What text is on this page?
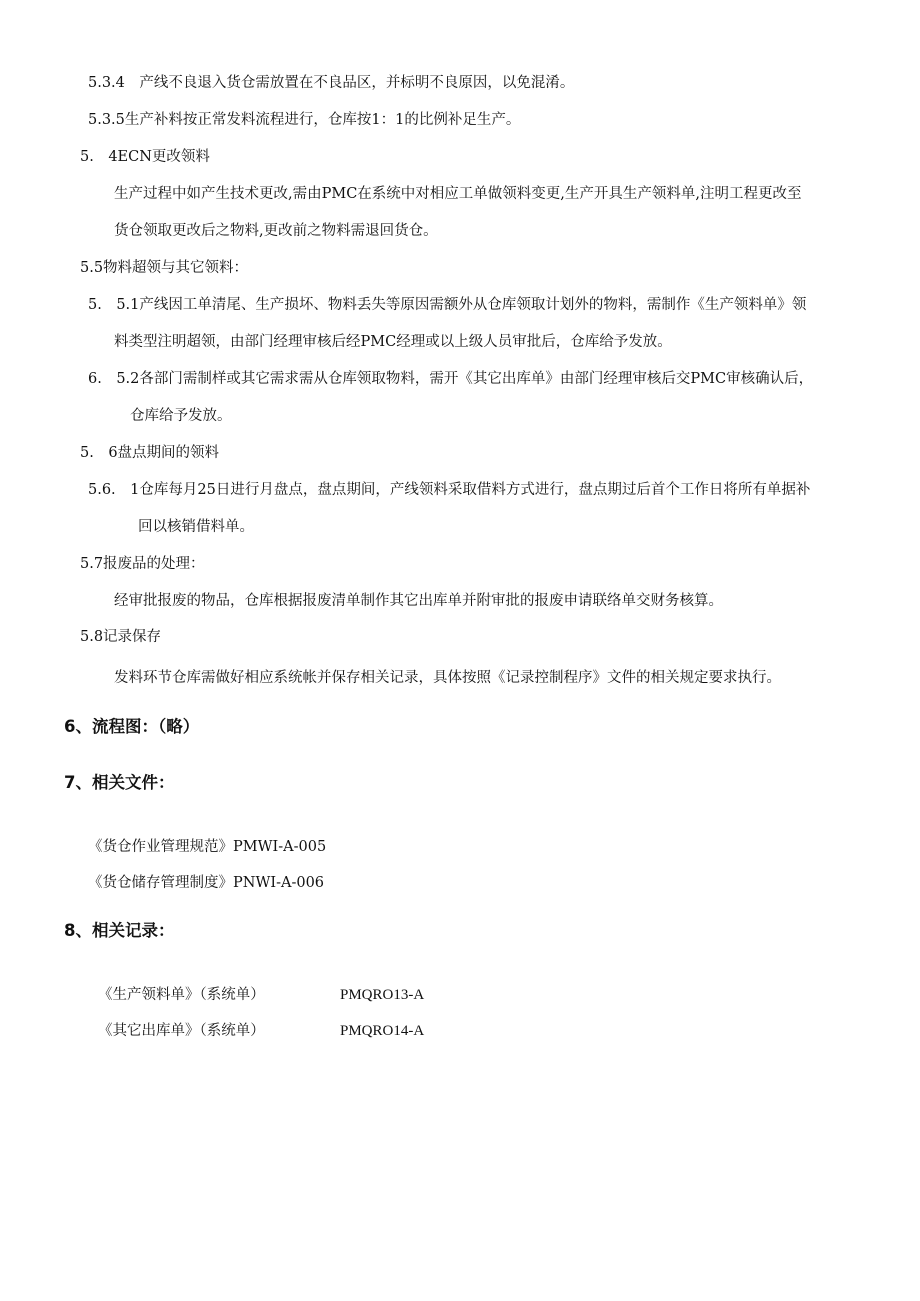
5.3.4　产线不良退入货仓需放置在不良品区，并标明不良原因，以免混淆。
5.3.5生产补料按正常发料流程进行，仓库按1：1的比例补足生产。
5.　4ECN更改领料
生产过程中如产生技术更改,需由PMC在系统中对相应工单做领料变更,生产开具生产领料单,注明工程更改至
货仓领取更改后之物料,更改前之物料需退回货仓。
5.5物料超领与其它领料：
5.　5.1产线因工单清尾、生产损坏、物料丢失等原因需额外从仓库领取计划外的物料，需制作《生产领料单》领
料类型注明超领，由部门经理审核后经PMC经理或以上级人员审批后，仓库给予发放。
6.　5.2各部门需制样或其它需求需从仓库领取物料，需开《其它出库单》由部门经理审核后交PMC审核确认后，
仓库给予发放。
5.　6盘点期间的领料
5.6.　1仓库每月25日进行月盘点，盘点期间，产线领料采取借料方式进行，盘点期过后首个工作日将所有单据补
回以核销借料单。
5.7报废品的处理：
经审批报废的物品，仓库根据报废清单制作其它出库单并附审批的报废申请联络单交财务核算。
5.8记录保存
发料环节仓库需做好相应系统帐并保存相关记录，具体按照《记录控制程序》文件的相关规定要求执行。
6、流程图：（略）
7、相关文件：
《货仓作业管理规范》PMWI-A-005
《货仓储存管理制度》PNWI-A-006
8、相关记录：
《生产领料单》（系统单）	PMQRO13-A
《其它出库单》（系统单）	PMQRO14-A
